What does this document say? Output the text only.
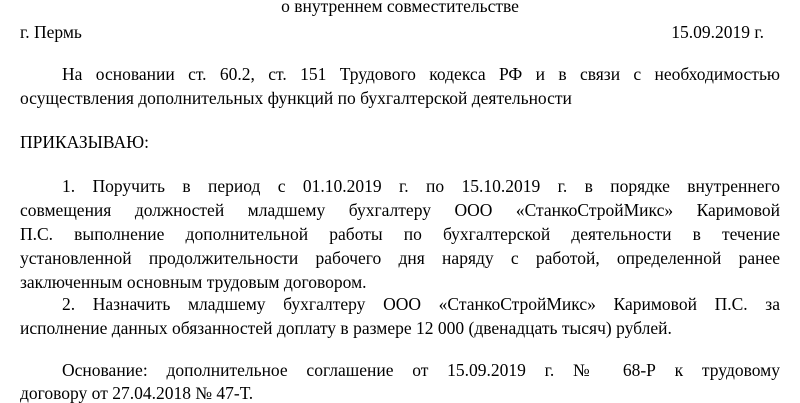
о внутреннем совместительстве
г. Пермь	15.09.2019 г.
На основании ст. 60.2, ст. 151 Трудового кодекса РФ и в связи с необходимостью
осуществления дополнительных функций по бухгалтерской деятельности
ПРИКАЗЫВАЮ:
1. Поручить в период с 01.10.2019 г. по 15.10.2019 г. в порядке внутреннего
совмещения должностей младшему бухгалтеру ООО «СтанкоСтройМикс» Каримовой
П.С. выполнение дополнительной работы по бухгалтерской деятельности в течение
установленной продолжительности рабочего дня наряду с работой, определенной ранее
заключенным основным трудовым договором.
2. Назначить младшему бухгалтеру ООО «СтанкоСтройМикс» Каримовой П.С. за
исполнение данных обязанностей доплату в размере 12 000 (двенадцать тысяч) рублей.
Основание: дополнительное соглашение от 15.09.2019 г. № 68-Р к трудовому
договору от 27.04.2018 № 47-Т.
